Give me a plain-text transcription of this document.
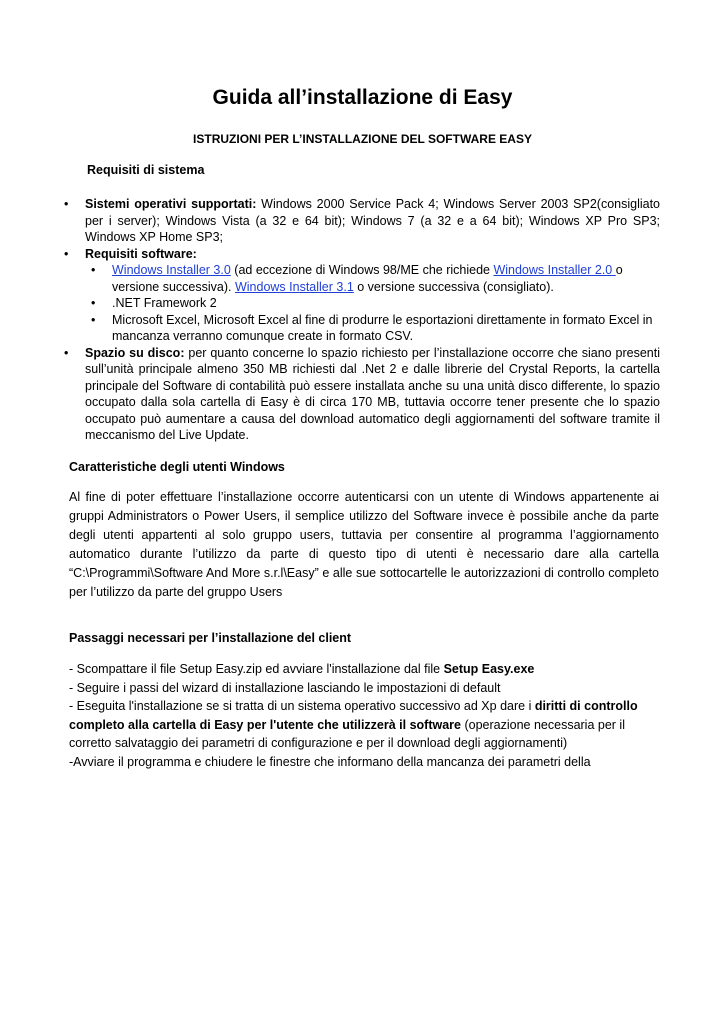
Guida all’installazione di Easy
ISTRUZIONI PER L’INSTALLAZIONE DEL SOFTWARE EASY
Requisiti di sistema
• Sistemi operativi supportati: Windows 2000 Service Pack 4; Windows Server 2003 SP2(consigliato per i server); Windows Vista (a 32 e 64 bit); Windows 7 (a 32 e a 64 bit); Windows XP Pro SP3; Windows XP Home SP3;
• Requisiti software:
• Windows Installer 3.0 (ad eccezione di Windows 98/ME che richiede Windows Installer 2.0 o versione successiva). Windows Installer 3.1 o versione successiva (consigliato).
• .NET Framework 2
• Microsoft Excel, Microsoft Excel al fine di produrre le esportazioni direttamente in formato Excel in mancanza verranno comunque create in formato CSV.
• Spazio su disco: per quanto concerne lo spazio richiesto per l’installazione occorre che siano presenti sull’unità principale almeno 350 MB richiesti dal .Net 2 e dalle librerie del Crystal Reports, la cartella principale del Software di contabilità può essere installata anche su una unità disco differente, lo spazio occupato dalla sola cartella di Easy è di circa 170 MB, tuttavia occorre tener presente che lo spazio occupato può aumentare a causa del download automatico degli aggiornamenti del software tramite il meccanismo del Live Update.
Caratteristiche degli utenti Windows
Al fine di poter effettuare l’installazione occorre autenticarsi con un utente di Windows appartenente ai gruppi Administrators o Power Users, il semplice utilizzo del Software invece è possibile anche da parte degli utenti appartenti al solo gruppo users, tuttavia per consentire al programma l’aggiornamento automatico durante l’utilizzo da parte di questo tipo di utenti è necessario dare alla cartella “C:\Programmi\Software And More s.r.l\Easy” e alle sue sottocartelle le autorizzazioni di controllo completo per l’utilizzo da parte del gruppo Users
Passaggi necessari per l’installazione del client

- Scompattare il file Setup Easy.zip ed avviare l'installazione dal file Setup Easy.exe

- Seguire i passi del wizard di installazione lasciando le impostazioni di default

- Eseguita l'installazione se si tratta di un sistema operativo successivo ad Xp dare i diritti di controllo completo alla cartella di Easy per l'utente che utilizzerà il software (operazione necessaria per il corretto salvataggio dei parametri di configurazione e per il download degli aggiornamenti)

-Avviare il programma e chiudere le finestre che informano della mancanza dei parametri della
